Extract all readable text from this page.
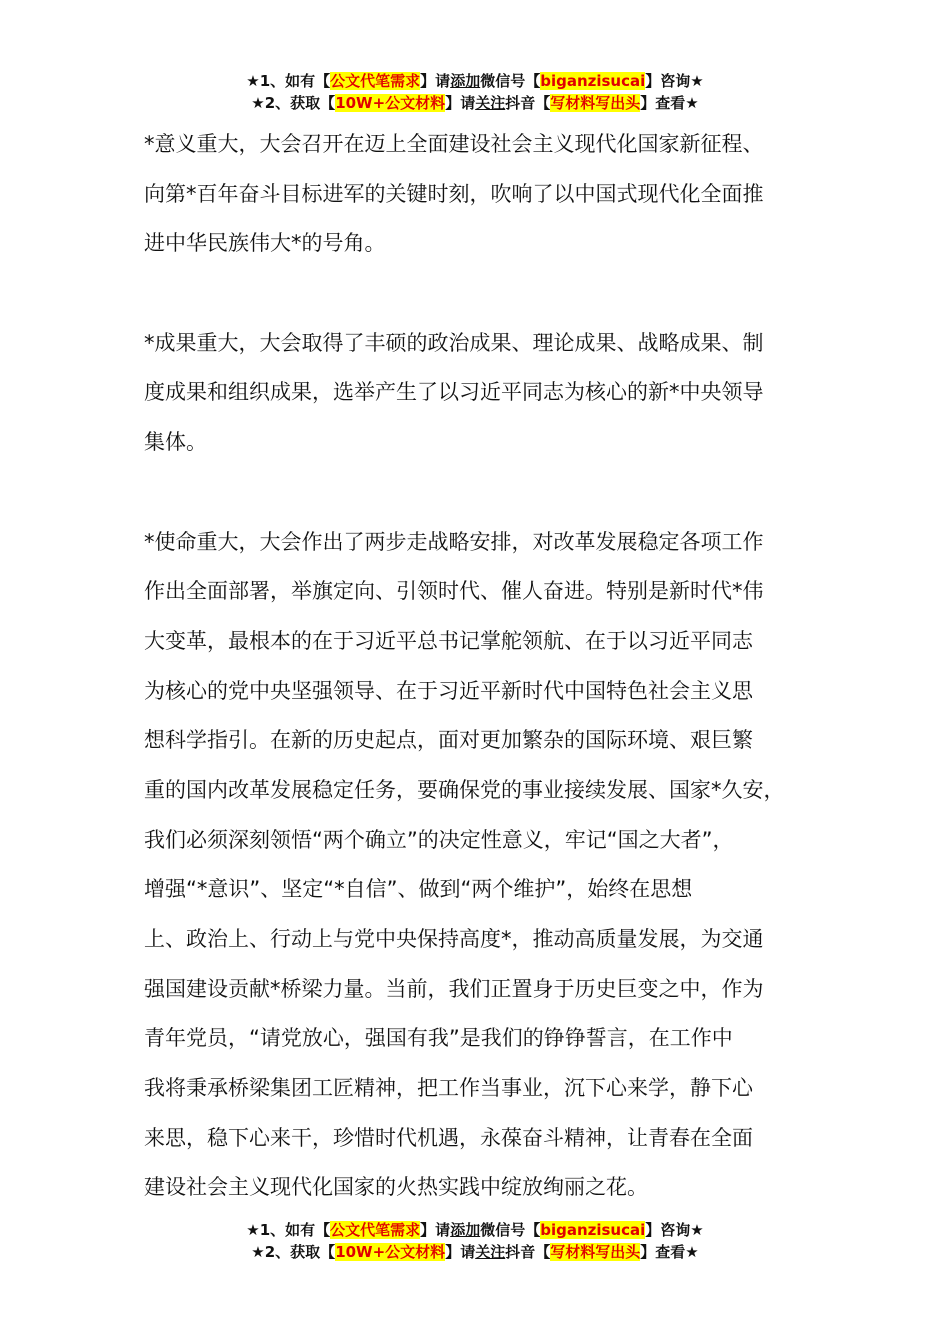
★1、如有【公文代笔需求】请添加微信号【biganzisucai】咨询★
★2、获取【10W+公文材料】请关注抖音【写材料写出头】查看★
*意义重大，大会召开在迈上全面建设社会主义现代化国家新征程、
向第*百年奋斗目标进军的关键时刻，吹响了以中国式现代化全面推
进中华民族伟大*的号角。
*成果重大，大会取得了丰硕的政治成果、理论成果、战略成果、制
度成果和组织成果，选举产生了以习近平同志为核心的新*中央领导
集体。
*使命重大，大会作出了两步走战略安排，对改革发展稳定各项工作
作出全面部署，举旗定向、引领时代、催人奋进。特别是新时代*伟
大变革，最根本的在于习近平总书记掌舵领航、在于以习近平同志
为核心的党中央坚强领导、在于习近平新时代中国特色社会主义思
想科学指引。在新的历史起点，面对更加繁杂的国际环境、艰巨繁
重的国内改革发展稳定任务，要确保党的事业接续发展、国家*久安，
我们必须深刻领悟“两个确立”的决定性意义，牢记“国之大者”，
增强“*意识”、坚定“*自信”、做到“两个维护”，始终在思想
上、政治上、行动上与党中央保持高度*，推动高质量发展，为交通
强国建设贡献*桥梁力量。当前，我们正置身于历史巨变之中，作为
青年党员，“请党放心，强国有我”是我们的铮铮誓言，在工作中
我将秉承桥梁集团工匠精神，把工作当事业，沉下心来学，静下心
来思，稳下心来干，珍惜时代机遇，永葆奋斗精神，让青春在全面
建设社会主义现代化国家的火热实践中绽放绚丽之花。
★1、如有【公文代笔需求】请添加微信号【biganzisucai】咨询★
★2、获取【10W+公文材料】请关注抖音【写材料写出头】查看★
